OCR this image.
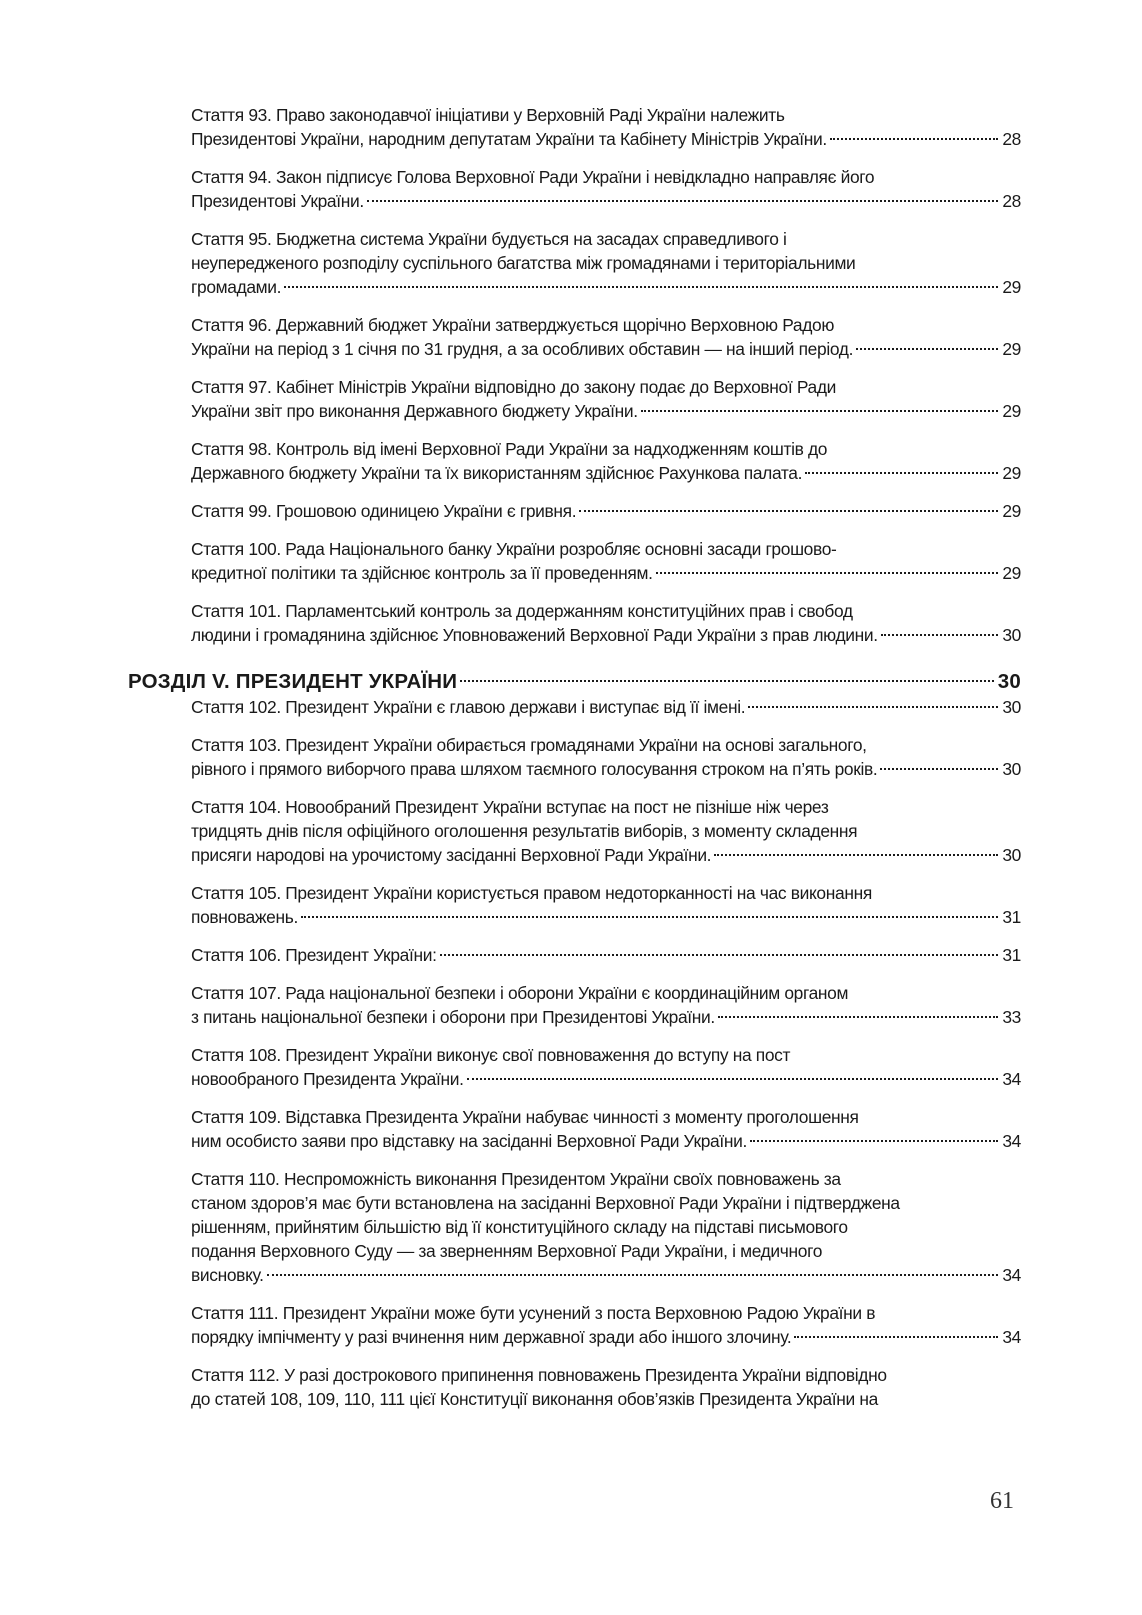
Стаття 93. Право законодавчої ініціативи у Верховній Раді України належить
Президентові України, народним депутатам України та Кабінету Міністрів України.	28
Стаття 94. Закон підписує Голова Верховної Ради України і невідкладно направляє його
Президентові України.	28
Стаття 95. Бюджетна система України будується на засадах справедливого і
неупередженого розподілу суспільного багатства між громадянами і територіальними
громадами.	29
Стаття 96. Державний бюджет України затверджується щорічно Верховною Радою
України на період з 1 січня по 31 грудня, а за особливих обставин — на інший період.	29
Стаття 97. Кабінет Міністрів України відповідно до закону подає до Верховної Ради
України звіт про виконання Державного бюджету України.	29
Стаття 98. Контроль від імені Верховної Ради України за надходженням коштів до
Державного бюджету України та їх використанням здійснює Рахункова палата.	29
Стаття 99. Грошовою одиницею України є гривня.	29
Стаття 100. Рада Національного банку України розробляє основні засади грошово-
кредитної політики та здійснює контроль за її проведенням.	29
Стаття 101. Парламентський контроль за додержанням конституційних прав і свобод
людини і громадянина здійснює Уповноважений Верховної Ради України з прав людини.	30
РОЗДІЛ V. ПРЕЗИДЕНТ УКРАЇНИ	30
Стаття 102. Президент України є главою держави і виступає від її імені.	30
Стаття 103. Президент України обирається громадянами України на основі загального,
рівного і прямого виборчого права шляхом таємного голосування строком на п’ять років.	30
Стаття 104. Новообраний Президент України вступає на пост не пізніше ніж через
тридцять днів після офіційного оголошення результатів виборів, з моменту складення
присяги народові на урочистому засіданні Верховної Ради України.	30
Стаття 105. Президент України користується правом недоторканності на час виконання
повноважень.	31
Стаття 106. Президент України:	31
Стаття 107. Рада національної безпеки і оборони України є координаційним органом
з питань національної безпеки і оборони при Президентові України.	33
Стаття 108. Президент України виконує свої повноваження до вступу на пост
новообраного Президента України.	34
Стаття 109. Відставка Президента України набуває чинності з моменту проголошення
ним особисто заяви про відставку на засіданні Верховної Ради України.	34
Стаття 110. Неспроможність виконання Президентом України своїх повноважень за
станом здоров’я має бути встановлена на засіданні Верховної Ради України і підтверджена
рішенням, прийнятим більшістю від її конституційного складу на підставі письмового
подання Верховного Суду — за зверненням Верховної Ради України, і медичного
висновку.	34
Стаття 111. Президент України може бути усунений з поста Верховною Радою України в
порядку імпічменту у разі вчинення ним державної зради або іншого злочину.	34
Стаття 112. У разі дострокового припинення повноважень Президента України відповідно
до статей 108, 109, 110, 111 цієї Конституції виконання обов’язків Президента України на
61
